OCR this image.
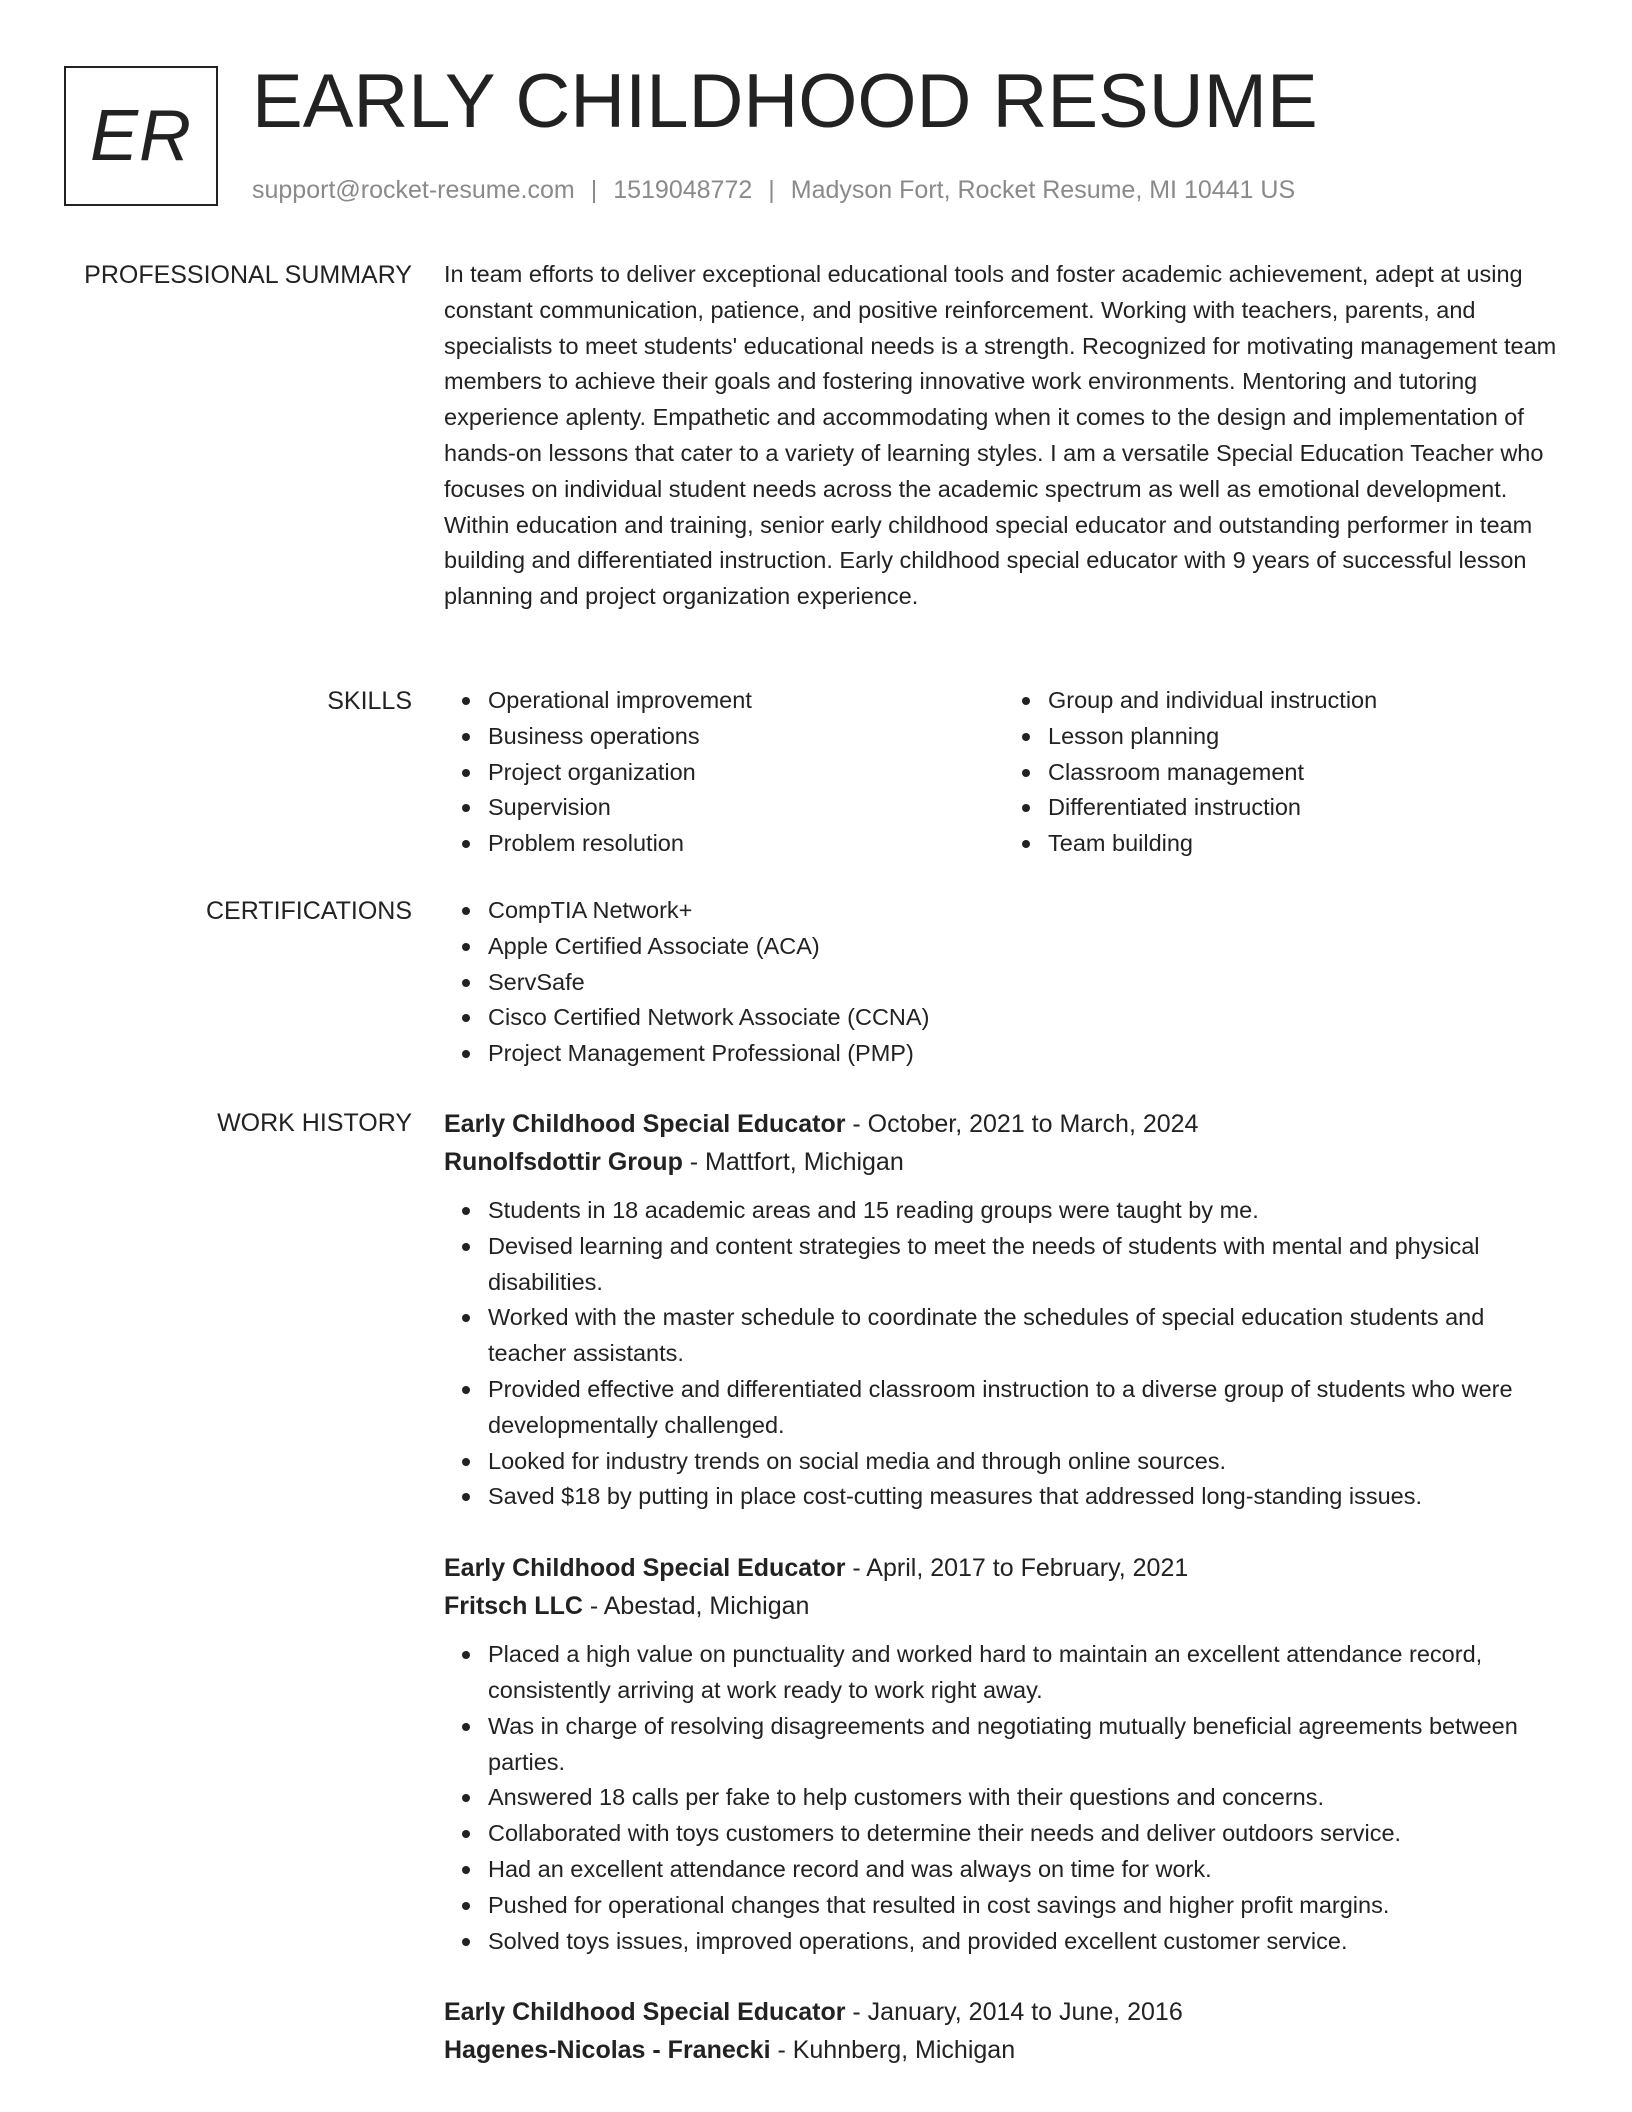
ER EARLY CHILDHOOD RESUME
support@rocket-resume.com | 1519048772 | Madyson Fort, Rocket Resume, MI 10441 US
PROFESSIONAL SUMMARY In team efforts to deliver exceptional educational tools and foster academic achievement, adept at using constant communication, patience, and positive reinforcement. Working with teachers, parents, and specialists to meet students' educational needs is a strength. Recognized for motivating management team members to achieve their goals and fostering innovative work environments. Mentoring and tutoring experience aplenty. Empathetic and accommodating when it comes to the design and implementation of hands-on lessons that cater to a variety of learning styles. I am a versatile Special Education Teacher who focuses on individual student needs across the academic spectrum as well as emotional development. Within education and training, senior early childhood special educator and outstanding performer in team building and differentiated instruction. Early childhood special educator with 9 years of successful lesson planning and project organization experience.

SKILLS	Operational improvement
Business operations
Project organization
Supervision
Problem resolution
Group and individual instruction
Lesson planning
Classroom management
Differentiated instruction
Team building
CERTIFICATIONS	CompTIA Network+
Apple Certified Associate (ACA)
ServSafe
Cisco Certified Network Associate (CCNA)
Project Management Professional (PMP)
WORK HISTORY Early Childhood Special Educator - October, 2021 to March, 2024
Runolfsdottir Group - Mattfort, Michigan
Students in 18 academic areas and 15 reading groups were taught by me.
Devised learning and content strategies to meet the needs of students with mental and physical disabilities.
Worked with the master schedule to coordinate the schedules of special education students and teacher assistants.
Provided effective and differentiated classroom instruction to a diverse group of students who were developmentally challenged.
Looked for industry trends on social media and through online sources.
Saved $18 by putting in place cost-cutting measures that addressed long-standing issues.
Early Childhood Special Educator - April, 2017 to February, 2021
Fritsch LLC - Abestad, Michigan
Placed a high value on punctuality and worked hard to maintain an excellent attendance record, consistently arriving at work ready to work right away.
Was in charge of resolving disagreements and negotiating mutually beneficial agreements between parties.
Answered 18 calls per fake to help customers with their questions and concerns.
Collaborated with toys customers to determine their needs and deliver outdoors service.
Had an excellent attendance record and was always on time for work.
Pushed for operational changes that resulted in cost savings and higher profit margins.
Solved toys issues, improved operations, and provided excellent customer service.
Early Childhood Special Educator - January, 2014 to June, 2016
Hagenes-Nicolas - Franecki - Kuhnberg, Michigan
